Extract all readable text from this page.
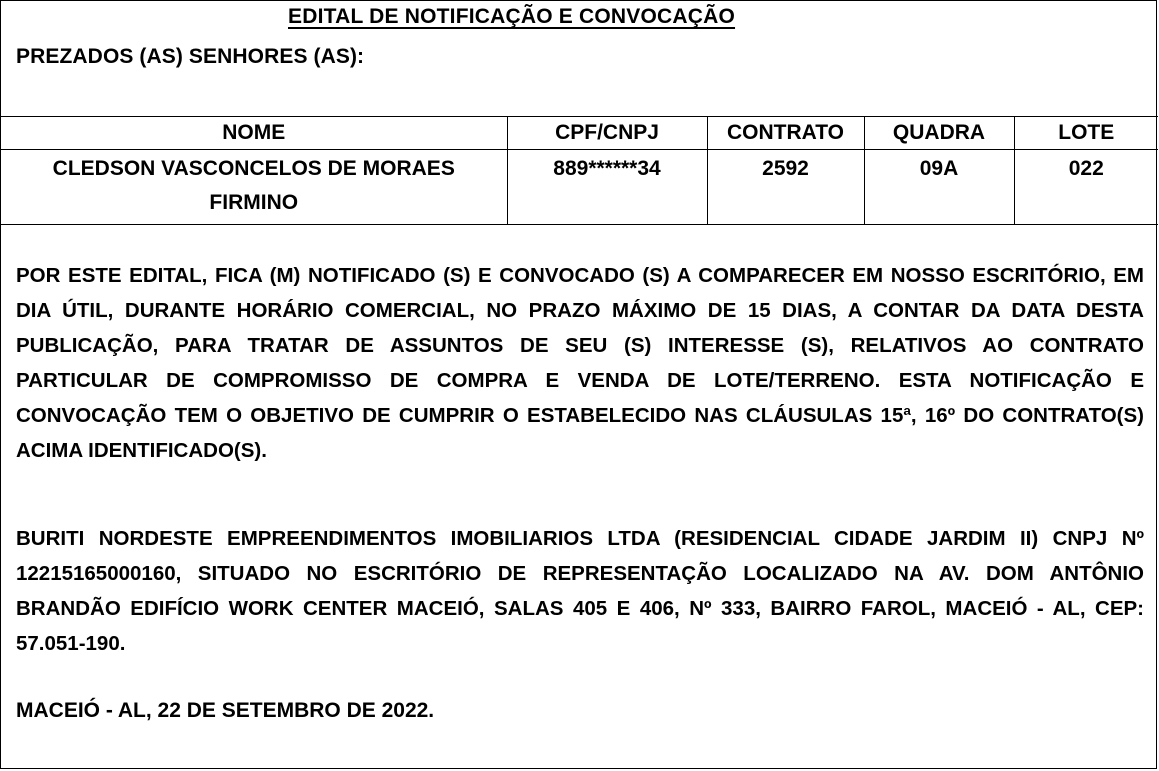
EDITAL DE NOTIFICAÇÃO E CONVOCAÇÃO
PREZADOS (AS) SENHORES (AS):
NOME	CPF/CNPJ	CONTRATO	QUADRA	LOTE
CLEDSON VASCONCELOS DE MORAES FIRMINO	889******34	2592	09A	022

POR ESTE EDITAL, FICA (M) NOTIFICADO (S) E CONVOCADO (S) A COMPARECER EM NOSSO ESCRITÓRIO, EM DIA ÚTIL, DURANTE HORÁRIO COMERCIAL, NO PRAZO MÁXIMO DE 15 DIAS, A CONTAR DA DATA DESTA PUBLICAÇÃO, PARA TRATAR DE ASSUNTOS DE SEU (S) INTERESSE (S), RELATIVOS AO CONTRATO PARTICULAR DE COMPROMISSO DE COMPRA E VENDA DE LOTE/TERRENO. ESTA NOTIFICAÇÃO E CONVOCAÇÃO TEM O OBJETIVO DE CUMPRIR O ESTABELECIDO NAS CLÁUSULAS 15ª, 16º DO CONTRATO(S) ACIMA IDENTIFICADO(S).

BURITI NORDESTE EMPREENDIMENTOS IMOBILIARIOS LTDA (RESIDENCIAL CIDADE JARDIM II) CNPJ Nº 12215165000160, SITUADO NO ESCRITÓRIO DE REPRESENTAÇÃO LOCALIZADO NA AV. DOM ANTÔNIO BRANDÃO EDIFÍCIO WORK CENTER MACEIÓ, SALAS 405 E 406, Nº 333, BAIRRO FAROL, MACEIÓ - AL, CEP: 57.051-190.

MACEIÓ - AL, 22 DE SETEMBRO DE 2022.
